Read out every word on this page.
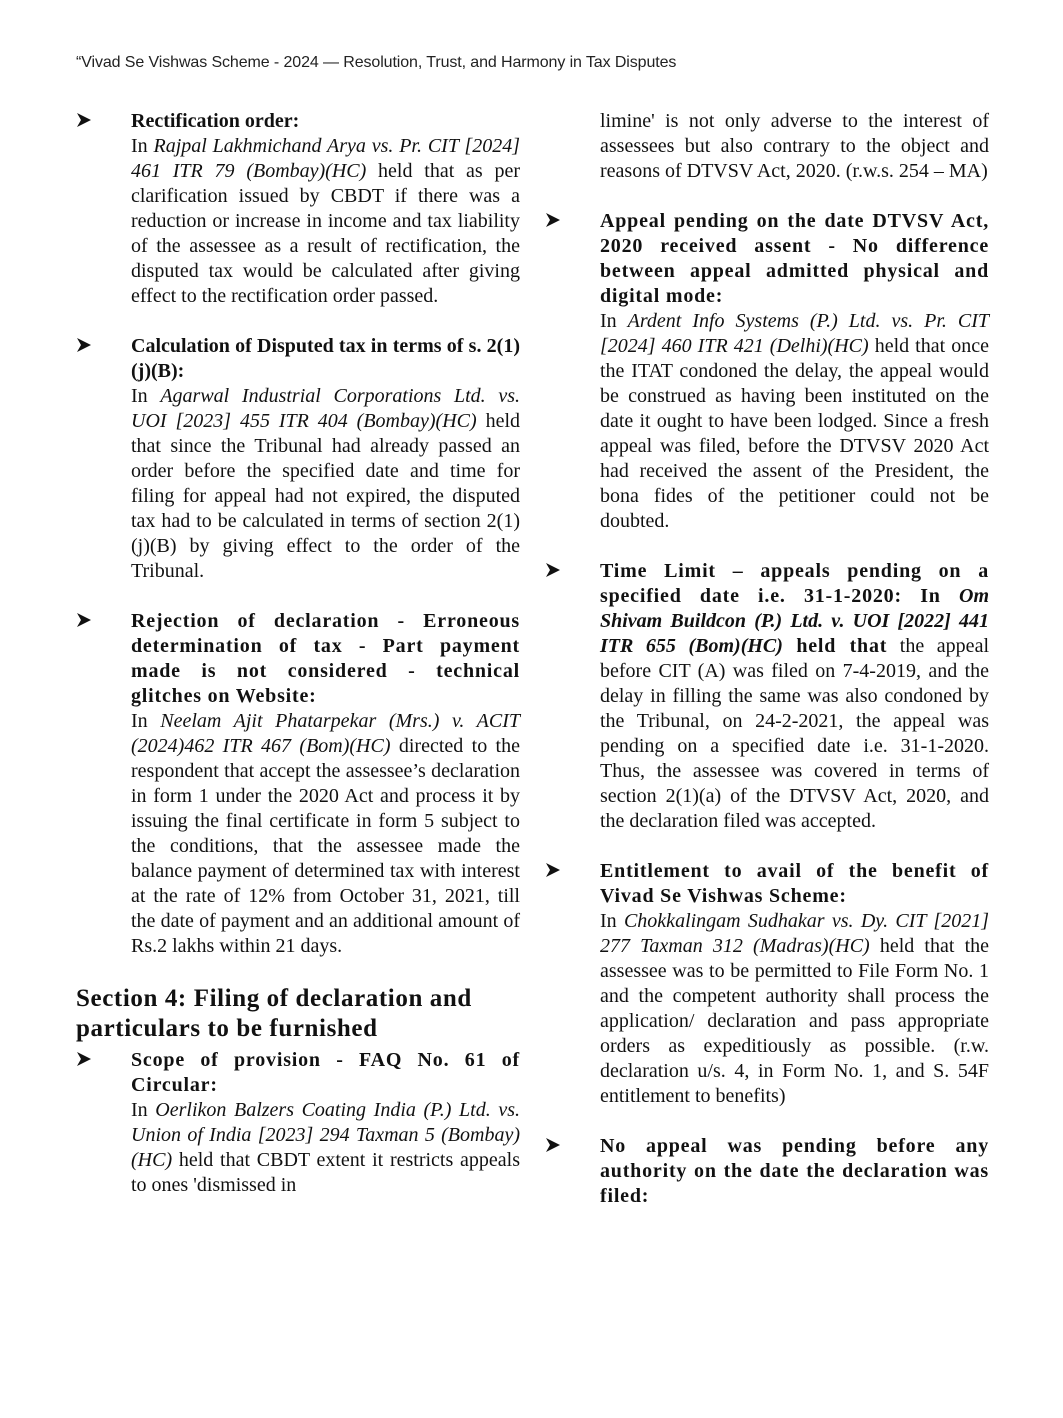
“Vivad Se Vishwas Scheme - 2024 — Resolution, Trust, and Harmony in Tax Disputes
Rectification order:
In Rajpal Lakhmichand Arya vs. Pr. CIT [2024] 461 ITR 79 (Bombay)(HC) held that as per clarification issued by CBDT if there was a reduction or increase in income and tax liability of the assessee as a result of rectification, the disputed tax would be calculated after giving effect to the rectification order passed.
Calculation of Disputed tax in terms of s. 2(1)(j)(B):
In Agarwal Industrial Corporations Ltd. vs. UOI [2023] 455 ITR 404 (Bombay)(HC) held that since the Tribunal had already passed an order before the specified date and time for filing for appeal had not expired, the disputed tax had to be calculated in terms of section 2(1)(j)(B) by giving effect to the order of the Tribunal.
Rejection of declaration - Erroneous determination of tax - Part payment made is not considered - technical glitches on Website:
In Neelam Ajit Phatarpekar (Mrs.) v. ACIT (2024)462 ITR 467 (Bom)(HC) directed to the respondent that accept the assessee’s declaration in form 1 under the 2020 Act and process it by issuing the final certificate in form 5 subject to the conditions, that the assessee made the balance payment of determined tax with interest at the rate of 12% from October 31, 2021, till the date of payment and an additional amount of Rs.2 lakhs within 21 days.
Section 4: Filing of declaration and particulars to be furnished
Scope of provision - FAQ No. 61 of Circular:
In Oerlikon Balzers Coating India (P.) Ltd. vs. Union of India [2023] 294 Taxman 5 (Bombay)(HC) held that CBDT extent it restricts appeals to ones 'dismissed in
limine' is not only adverse to the interest of assessees but also contrary to the object and reasons of DTVSV Act, 2020. (r.w.s. 254 – MA)
Appeal pending on the date DTVSV Act, 2020 received assent - No difference between appeal admitted physical and digital mode:
In Ardent Info Systems (P.) Ltd. vs. Pr. CIT [2024] 460 ITR 421 (Delhi)(HC) held that once the ITAT condoned the delay, the appeal would be construed as having been instituted on the date it ought to have been lodged. Since a fresh appeal was filed, before the DTVSV 2020 Act had received the assent of the President, the bona fides of the petitioner could not be doubted.
Time Limit – appeals pending on a specified date i.e. 31-1-2020: In Om Shivam Buildcon (P.) Ltd. v. UOI [2022] 441 ITR 655 (Bom)(HC) held that the appeal before CIT (A) was filed on 7-4-2019, and the delay in filling the same was also condoned by the Tribunal, on 24-2-2021, the appeal was pending on a specified date i.e. 31-1-2020. Thus, the assessee was covered in terms of section 2(1)(a) of the DTVSV Act, 2020, and the declaration filed was accepted.
Entitlement to avail of the benefit of Vivad Se Vishwas Scheme:
In Chokkalingam Sudhakar vs. Dy. CIT [2021] 277 Taxman 312 (Madras)(HC) held that the assessee was to be permitted to File Form No. 1 and the competent authority shall process the application/ declaration and pass appropriate orders as expeditiously as possible. (r.w. declaration u/s. 4, in Form No. 1, and S. 54F entitlement to benefits)
No appeal was pending before any authority on the date the declaration was filed:
